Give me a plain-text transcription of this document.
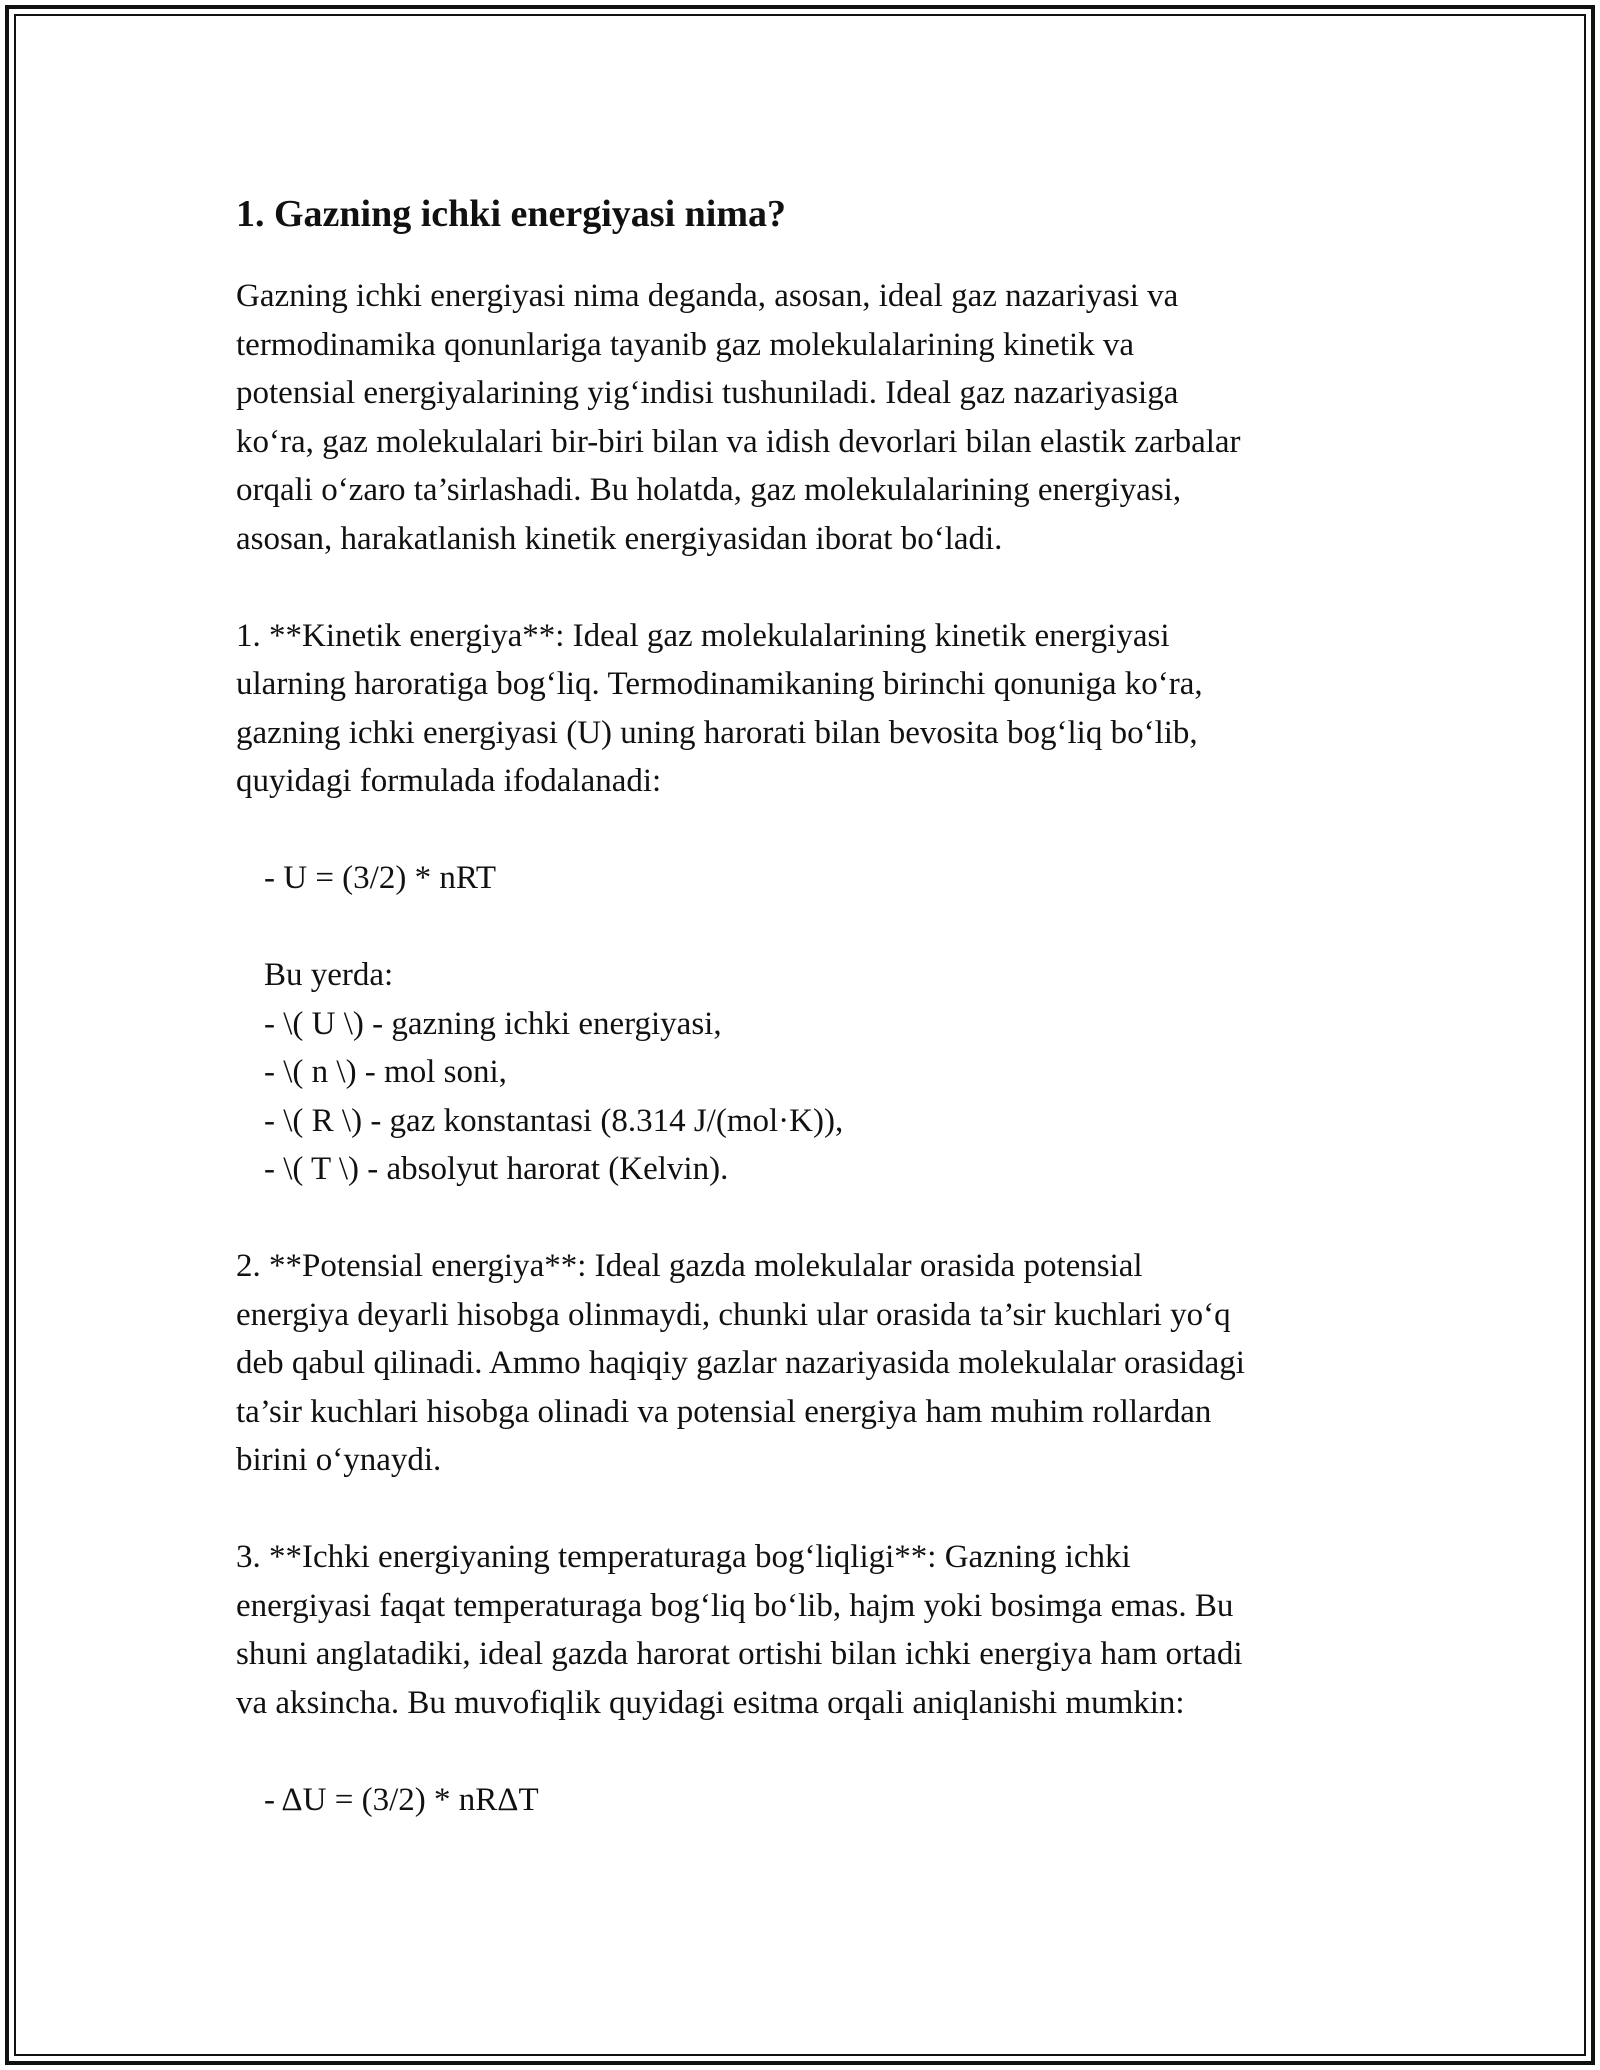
1. Gazning ichki energiyasi nima?
Gazning ichki energiyasi nima deganda, asosan, ideal gaz nazariyasi va
termodinamika qonunlariga tayanib gaz molekulalarining kinetik va
potensial energiyalarining yig‘indisi tushuniladi. Ideal gaz nazariyasiga
ko‘ra, gaz molekulalari bir-biri bilan va idish devorlari bilan elastik zarbalar
orqali o‘zaro ta’sirlashadi. Bu holatda, gaz molekulalarining energiyasi,
asosan, harakatlanish kinetik energiyasidan iborat bo‘ladi.
1. **Kinetik energiya**: Ideal gaz molekulalarining kinetik energiyasi
ularning haroratiga bog‘liq. Termodinamikaning birinchi qonuniga ko‘ra,
gazning ichki energiyasi (U) uning harorati bilan bevosita bog‘liq bo‘lib,
quyidagi formulada ifodalanadi:
- U = (3/2) * nRT
Bu yerda:
- \( U \) - gazning ichki energiyasi,
- \( n \) - mol soni,
- \( R \) - gaz konstantasi (8.314 J/(mol·K)),
- \( T \) - absolyut harorat (Kelvin).
2. **Potensial energiya**: Ideal gazda molekulalar orasida potensial
energiya deyarli hisobga olinmaydi, chunki ular orasida ta’sir kuchlari yo‘q
deb qabul qilinadi. Ammo haqiqiy gazlar nazariyasida molekulalar orasidagi
ta’sir kuchlari hisobga olinadi va potensial energiya ham muhim rollardan
birini o‘ynaydi.
3. **Ichki energiyaning temperaturaga bog‘liqligi**: Gazning ichki
energiyasi faqat temperaturaga bog‘liq bo‘lib, hajm yoki bosimga emas. Bu
shuni anglatadiki, ideal gazda harorat ortishi bilan ichki energiya ham ortadi
va aksincha. Bu muvofiqlik quyidagi esitma orqali aniqlanishi mumkin:
- ΔU = (3/2) * nRΔT
